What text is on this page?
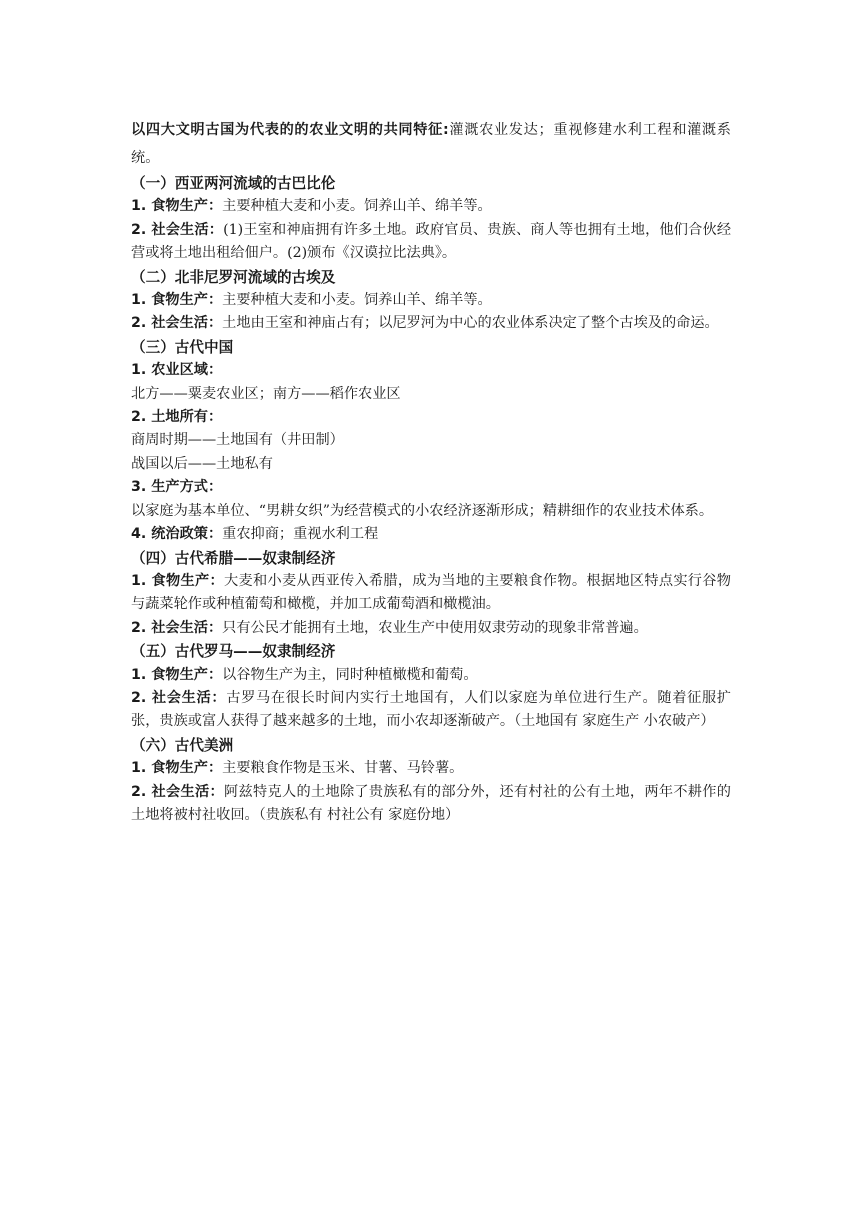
以四大文明古国为代表的的农业文明的共同特征:灌溉农业发达；重视修建水利工程和灌溉系统。

（一）西亚两河流域的古巴比伦

1. 食物生产：主要种植大麦和小麦。饲养山羊、绵羊等。

2. 社会生活：(1)王室和神庙拥有许多土地。政府官员、贵族、商人等也拥有土地，他们合伙经营或将土地出租给佃户。(2)颁布《汉谟拉比法典》。

（二）北非尼罗河流域的古埃及

1. 食物生产：主要种植大麦和小麦。饲养山羊、绵羊等。

2. 社会生活：土地由王室和神庙占有；以尼罗河为中心的农业体系决定了整个古埃及的命运。

（三）古代中国

1. 农业区域：

北方——粟麦农业区；南方——稻作农业区

2. 土地所有：

商周时期——土地国有（井田制）

战国以后——土地私有

3. 生产方式：

以家庭为基本单位、“男耕女织”为经营模式的小农经济逐渐形成；精耕细作的农业技术体系。

4. 统治政策：重农抑商；重视水利工程

（四）古代希腊——奴隶制经济

1. 食物生产：大麦和小麦从西亚传入希腊，成为当地的主要粮食作物。根据地区特点实行谷物与蔬菜轮作或种植葡萄和橄榄，并加工成葡萄酒和橄榄油。

2. 社会生活：只有公民才能拥有土地，农业生产中使用奴隶劳动的现象非常普遍。

（五）古代罗马——奴隶制经济

1. 食物生产：以谷物生产为主，同时种植橄榄和葡萄。

2. 社会生活：古罗马在很长时间内实行土地国有，人们以家庭为单位进行生产。随着征服扩张，贵族或富人获得了越来越多的土地，而小农却逐渐破产。（土地国有 家庭生产 小农破产）

（六）古代美洲

1. 食物生产：主要粮食作物是玉米、甘薯、马铃薯。

2. 社会生活：阿兹特克人的土地除了贵族私有的部分外，还有村社的公有土地，两年不耕作的土地将被村社收回。（贵族私有 村社公有 家庭份地）
